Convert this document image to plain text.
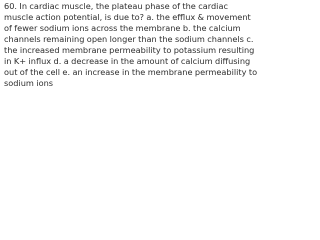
60. In cardiac muscle, the plateau phase of the cardiac muscle action potential, is due to? a. the efflux & movement of fewer sodium ions across the membrane b. the calcium channels remaining open longer than the sodium channels c. the increased membrane permeability to potassium resulting in K+ influx d. a decrease in the amount of calcium diffusing out of the cell e. an increase in the membrane permeability to sodium ions
